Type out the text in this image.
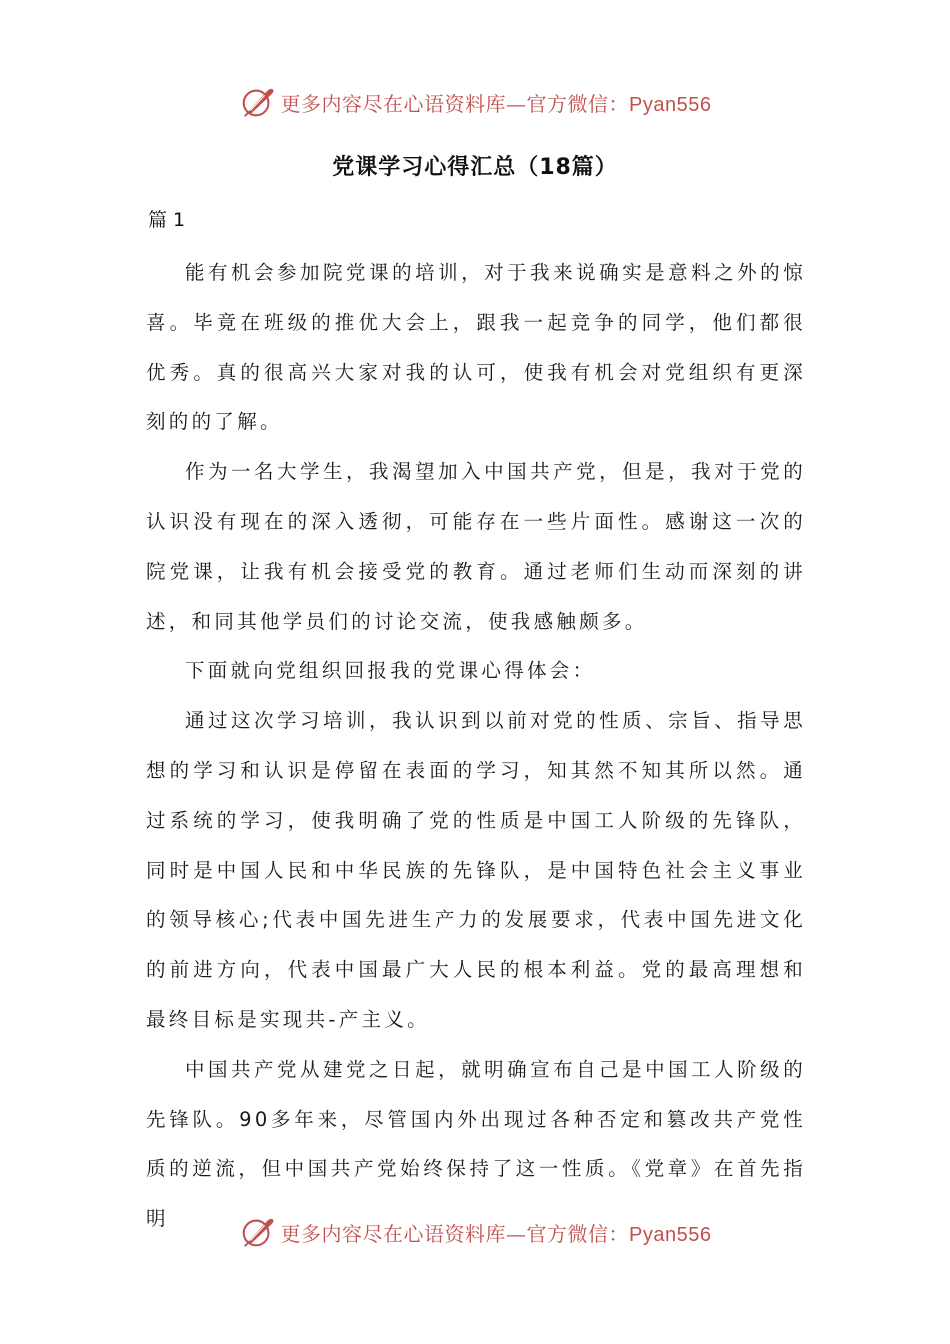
更多内容尽在心语资料库—官方微信：Pyan556
党课学习心得汇总（18篇）
篇 1

能有机会参加院党课的培训，对于我来说确实是意料之外的惊喜。毕竟在班级的推优大会上，跟我一起竞争的同学，他们都很优秀。真的很高兴大家对我的认可，使我有机会对党组织有更深刻的的了解。

作为一名大学生，我渴望加入中国共产党，但是，我对于党的认识没有现在的深入透彻，可能存在一些片面性。感谢这一次的院党课，让我有机会接受党的教育。通过老师们生动而深刻的讲述，和同其他学员们的讨论交流，使我感触颇多。

下面就向党组织回报我的党课心得体会：

通过这次学习培训，我认识到以前对党的性质、宗旨、指导思想的学习和认识是停留在表面的学习，知其然不知其所以然。通过系统的学习，使我明确了党的性质是中国工人阶级的先锋队，同时是中国人民和中华民族的先锋队，是中国特色社会主义事业的领导核心;代表中国先进生产力的发展要求，代表中国先进文化的前进方向，代表中国最广大人民的根本利益。党的最高理想和最终目标是实现共-产主义。

中国共产党从建党之日起，就明确宣布自己是中国工人阶级的先锋队。90多年来，尽管国内外出现过各种否定和篡改共产党性质的逆流，但中国共产党始终保持了这一性质。《党章》在首先指明

更多内容尽在心语资料库—官方微信：Pyan556
